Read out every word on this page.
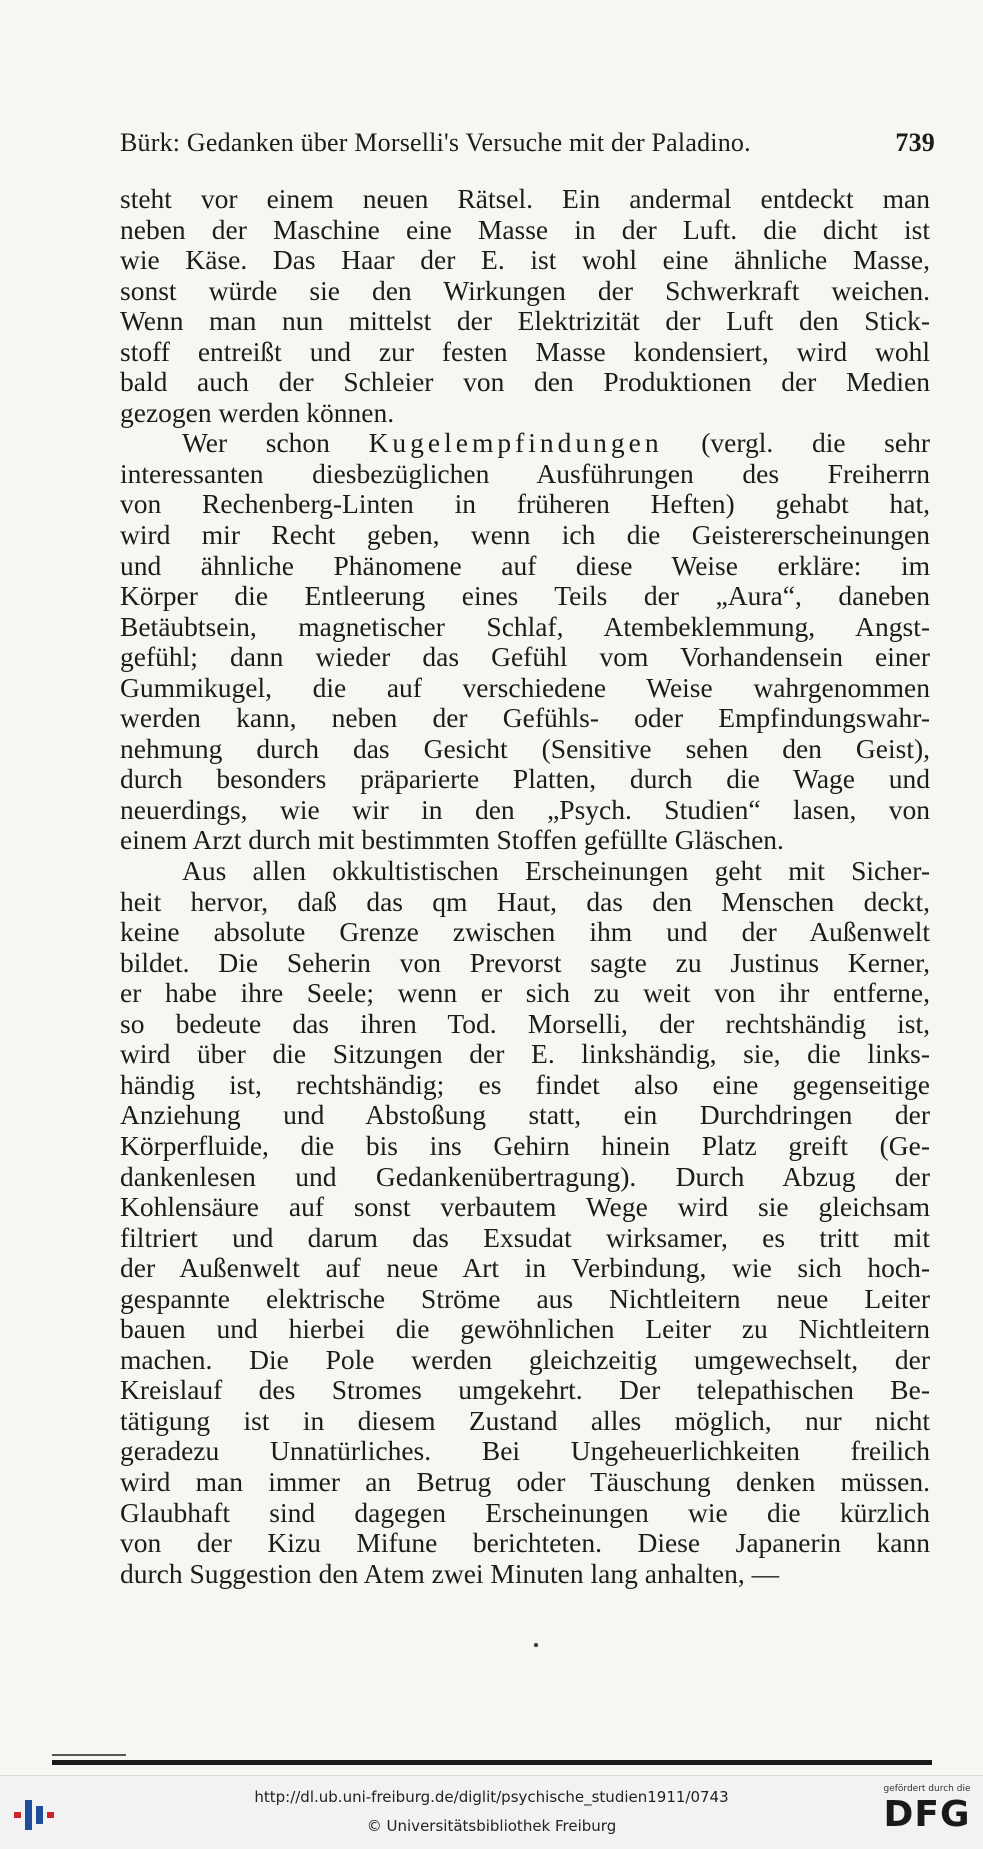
Bürk: Gedanken über Morselli's Versuche mit der Paladino.	739
steht vor einem neuen Rätsel. Ein andermal entdeckt man
neben der Maschine eine Masse in der Luft. die dicht ist
wie Käse. Das Haar der E. ist wohl eine ähnliche Masse,
sonst würde sie den Wirkungen der Schwerkraft weichen.
Wenn man nun mittelst der Elektrizität der Luft den Stick-
stoff entreißt und zur festen Masse kondensiert, wird wohl
bald auch der Schleier von den Produktionen der Medien
gezogen werden können.
Wer schon Kugelempfindungen (vergl. die sehr
interessanten diesbezüglichen Ausführungen des Freiherrn
von Rechenberg-Linten in früheren Heften) gehabt hat,
wird mir Recht geben, wenn ich die Geistererscheinungen
und ähnliche Phänomene auf diese Weise erkläre: im
Körper die Entleerung eines Teils der „Aura“, daneben
Betäubtsein, magnetischer Schlaf, Atembeklemmung, Angst-
gefühl; dann wieder das Gefühl vom Vorhandensein einer
Gummikugel, die auf verschiedene Weise wahrgenommen
werden kann, neben der Gefühls- oder Empfindungswahr-
nehmung durch das Gesicht (Sensitive sehen den Geist),
durch besonders präparierte Platten, durch die Wage und
neuerdings, wie wir in den „Psych. Studien“ lasen, von
einem Arzt durch mit bestimmten Stoffen gefüllte Gläschen.
Aus allen okkultistischen Erscheinungen geht mit Sicher-
heit hervor, daß das qm Haut, das den Menschen deckt,
keine absolute Grenze zwischen ihm und der Außenwelt
bildet. Die Seherin von Prevorst sagte zu Justinus Kerner,
er habe ihre Seele; wenn er sich zu weit von ihr entferne,
so bedeute das ihren Tod. Morselli, der rechtshändig ist,
wird über die Sitzungen der E. linkshändig, sie, die links-
händig ist, rechtshändig; es findet also eine gegenseitige
Anziehung und Abstoßung statt, ein Durchdringen der
Körperfluide, die bis ins Gehirn hinein Platz greift (Ge-
dankenlesen und Gedankenübertragung). Durch Abzug der
Kohlensäure auf sonst verbautem Wege wird sie gleichsam
filtriert und darum das Exsudat wirksamer, es tritt mit
der Außenwelt auf neue Art in Verbindung, wie sich hoch-
gespannte elektrische Ströme aus Nichtleitern neue Leiter
bauen und hierbei die gewöhnlichen Leiter zu Nichtleitern
machen. Die Pole werden gleichzeitig umgewechselt, der
Kreislauf des Stromes umgekehrt. Der telepathischen Be-
tätigung ist in diesem Zustand alles möglich, nur nicht
geradezu Unnatürliches. Bei Ungeheuerlichkeiten freilich
wird man immer an Betrug oder Täuschung denken müssen.
Glaubhaft sind dagegen Erscheinungen wie die kürzlich
von der Kizu Mifune berichteten. Diese Japanerin kann
durch Suggestion den Atem zwei Minuten lang anhalten, —
http://dl.ub.uni-freiburg.de/diglit/psychische_studien1911/0743
© Universitätsbibliothek Freiburg
gefördert durch die
DFG
